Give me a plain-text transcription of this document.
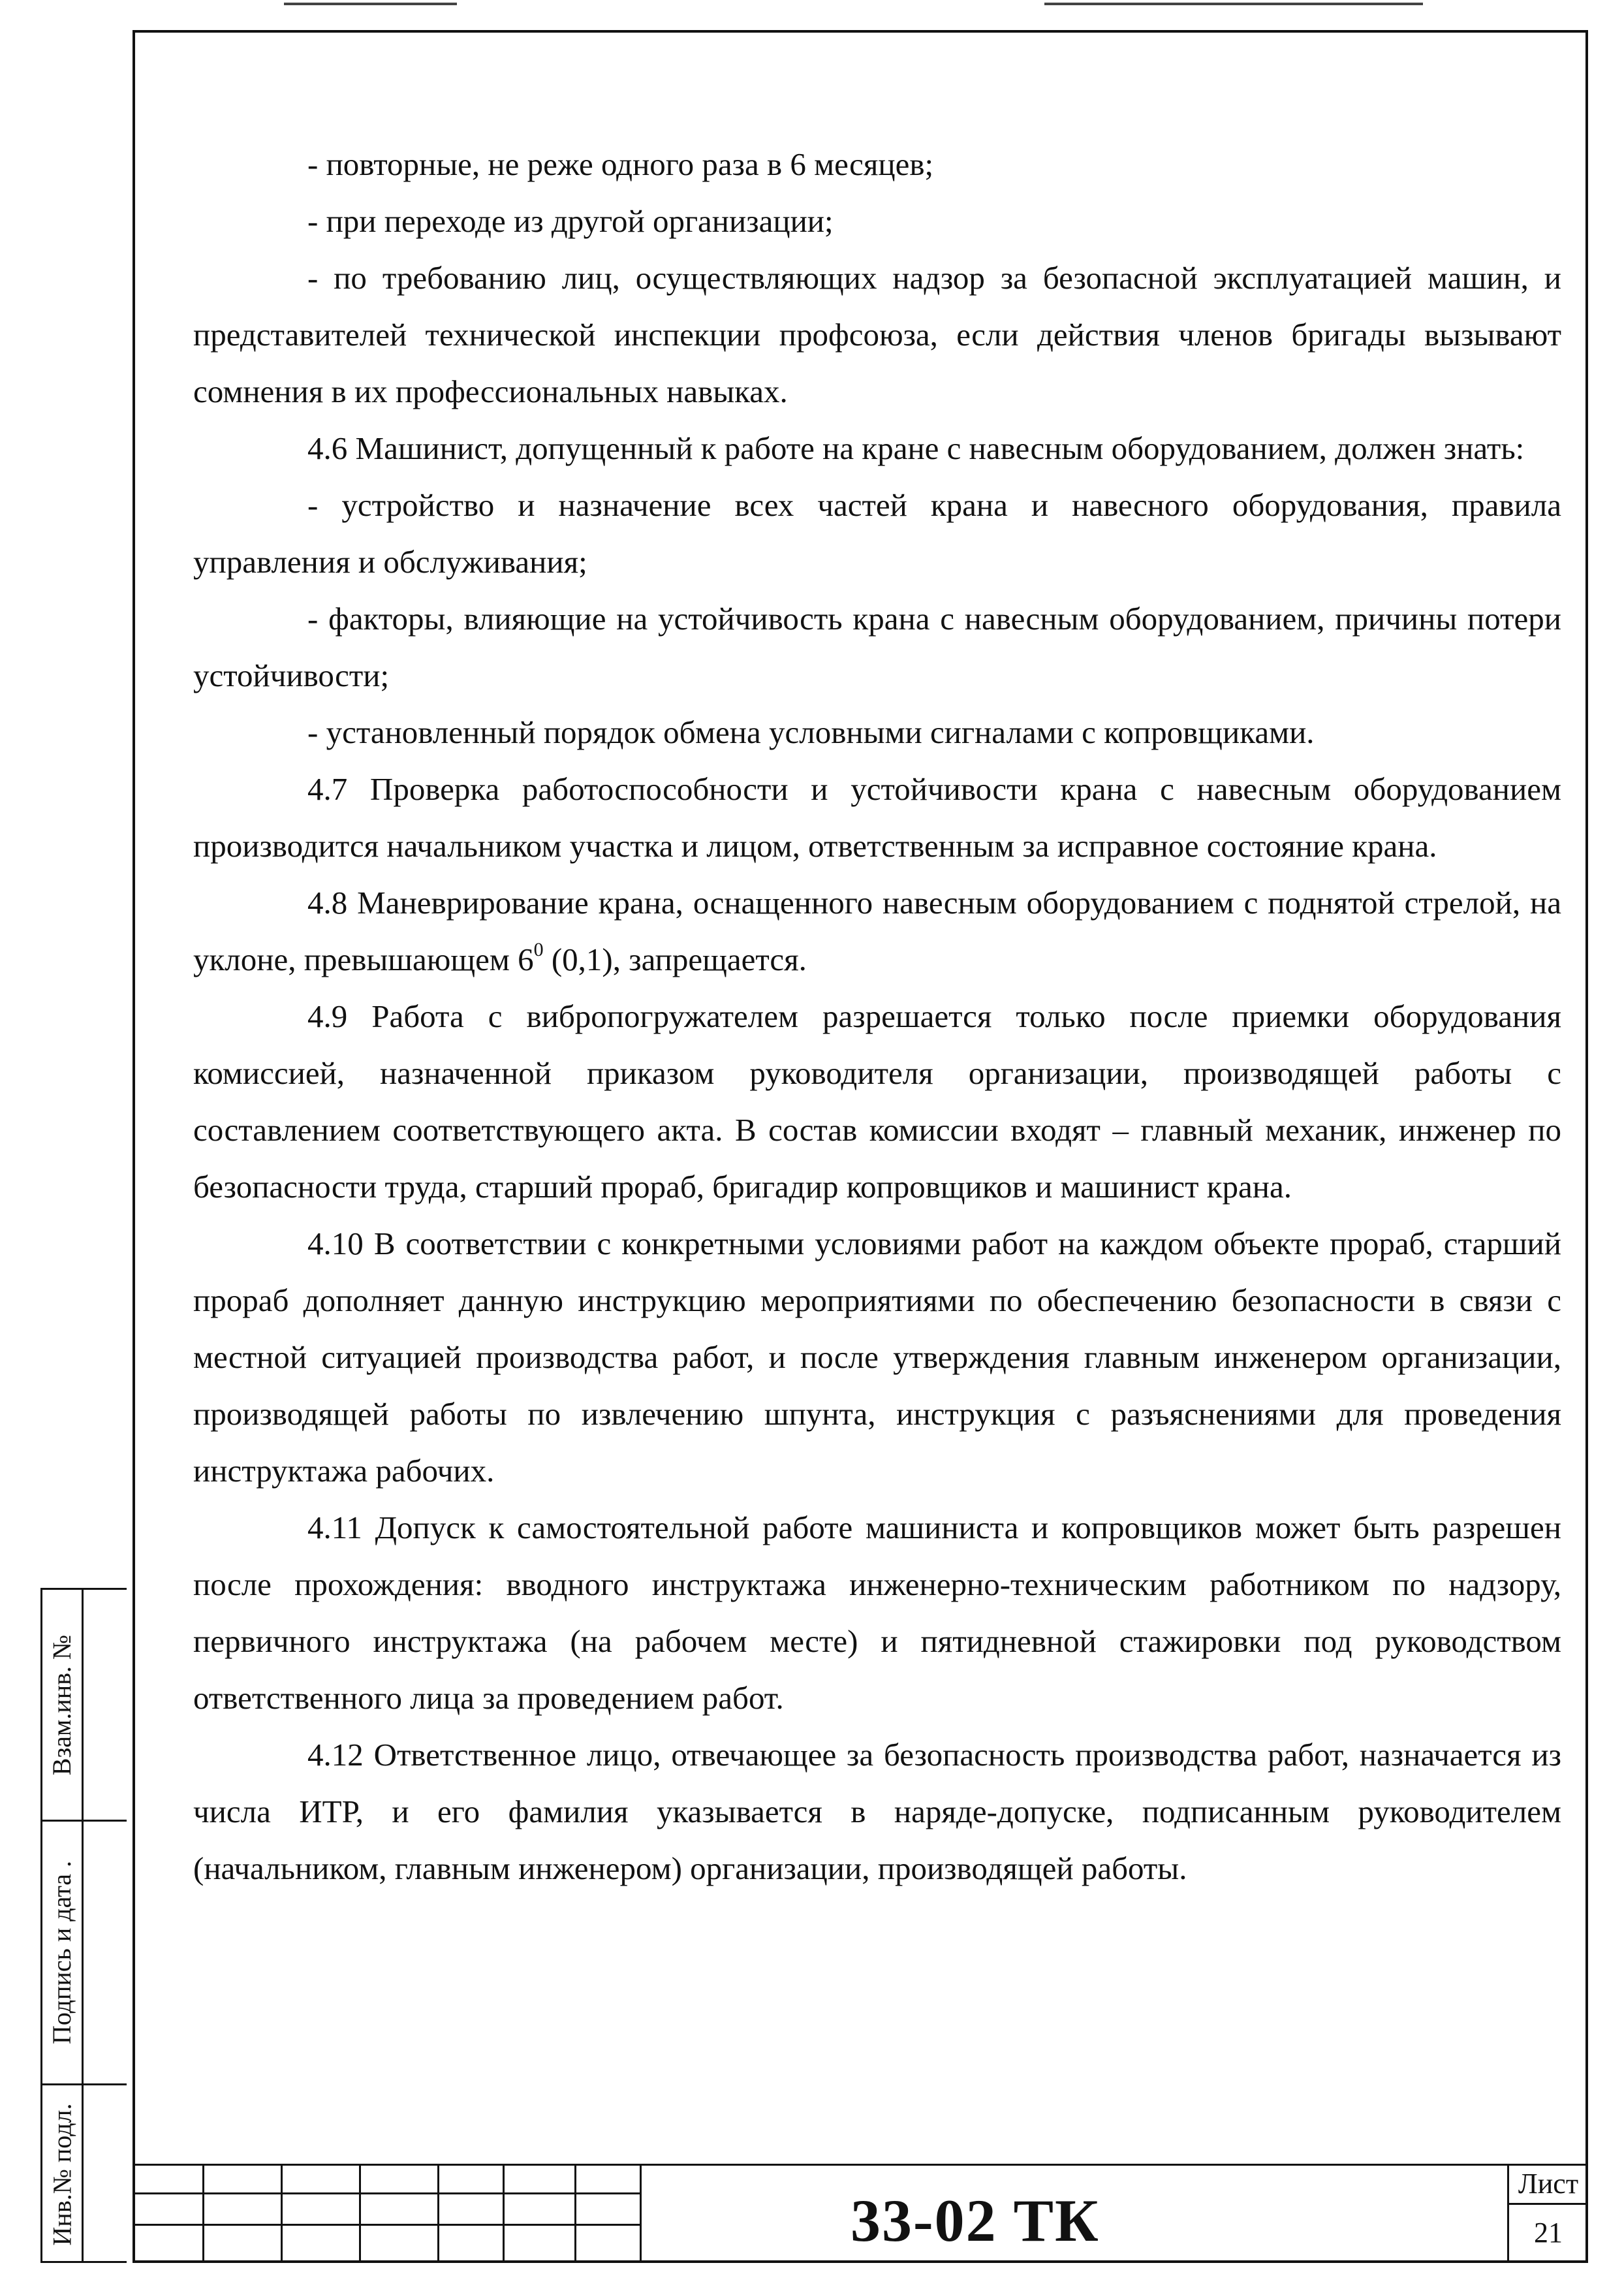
- повторные, не реже одного раза в 6 месяцев;

- при переходе из другой организации;

- по требованию лиц, осуществляющих надзор за безопасной эксплуатацией машин, и представителей технической инспекции профсоюза, если действия членов бригады вызывают сомнения в их профессиональных навыках.

4.6 Машинист, допущенный к работе на кране с навесным оборудованием, должен знать:

- устройство и назначение всех частей крана и навесного оборудования, правила управления и обслуживания;

- факторы, влияющие на устойчивость крана с навесным оборудованием, причины потери устойчивости;

- установленный порядок обмена условными сигналами с копровщиками.

4.7 Проверка работоспособности и устойчивости крана с навесным оборудованием производится начальником участка и лицом, ответственным за исправное состояние крана.

4.8 Маневрирование крана, оснащенного навесным оборудованием с поднятой стрелой, на уклоне, превышающем $6^0$ (0,1), запрещается.

4.9 Работа с вибропогружателем разрешается только после приемки оборудования комиссией, назначенной приказом руководителя организации, производящей работы с составлением соответствующего акта. В состав комиссии входят – главный механик, инженер по безопасности труда, старший прораб, бригадир копровщиков и машинист крана.

4.10 В соответствии с конкретными условиями работ на каждом объекте прораб, старший прораб дополняет данную инструкцию мероприятиями по обеспечению безопасности в связи с местной ситуацией производства работ, и после утверждения главным инженером организации, производящей работы по извлечению шпунта, инструкция с разъяснениями для проведения инструктажа рабочих.

4.11 Допуск к самостоятельной работе машиниста и копровщиков может быть разрешен после прохождения: вводного инструктажа инженерно-техническим работником по надзору, первичного инструктажа (на рабочем месте) и пятидневной стажировки под руководством ответственного лица за проведением работ.

4.12 Ответственное лицо, отвечающее за безопасность производства работ, назначается из числа ИТР, и его фамилия указывается в наряде-допуске, подписанным руководителем (начальником, главным инженером) организации, производящей работы.

Взам.инв. №
Подпись и дата .
Инв.№ подл.	33-02 ТК
Лист
21
